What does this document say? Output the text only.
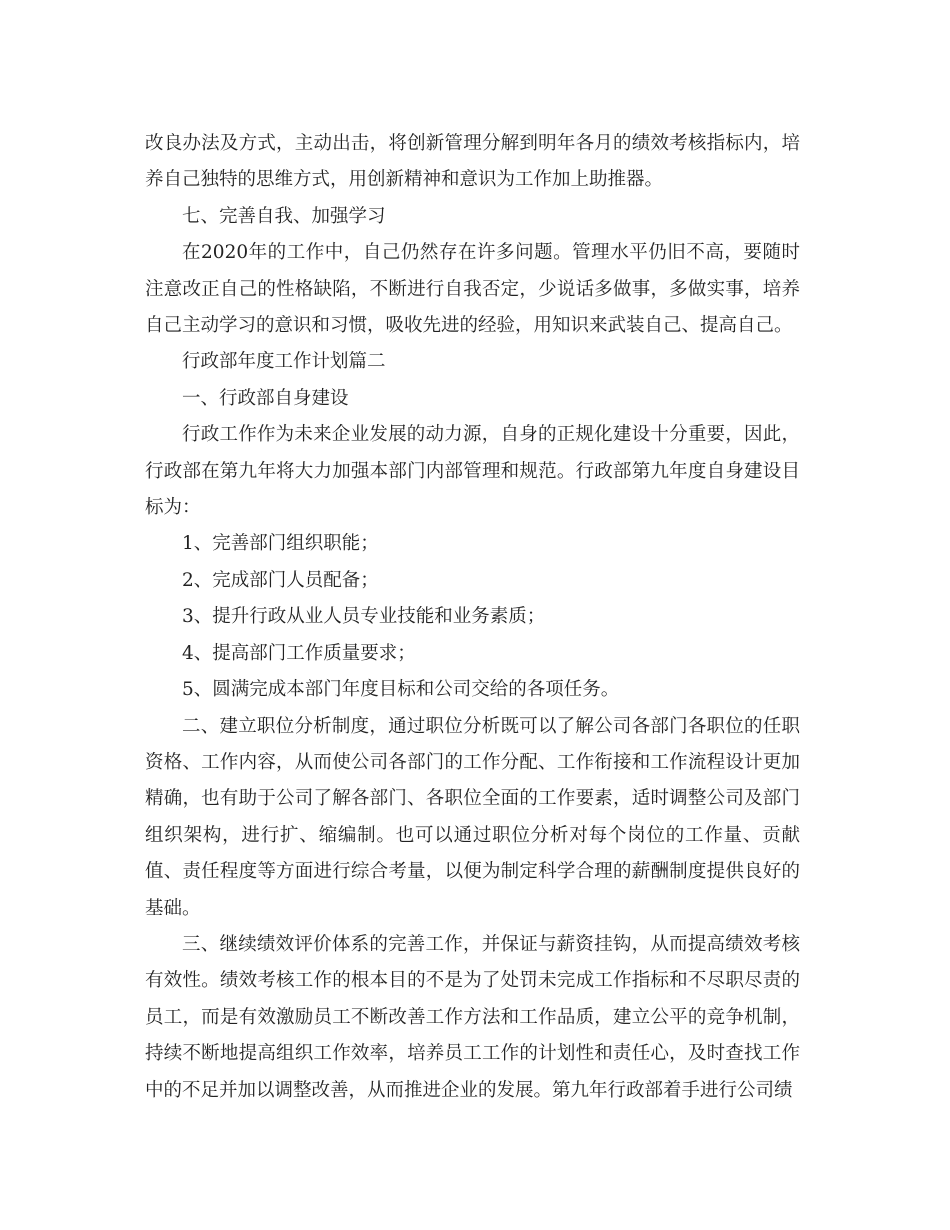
改良办法及方式，主动出击，将创新管理分解到明年各月的绩效考核指标内，培养自己独特的思维方式，用创新精神和意识为工作加上助推器。

七、完善自我、加强学习

在2020年的工作中，自己仍然存在许多问题。管理水平仍旧不高，要随时注意改正自己的性格缺陷，不断进行自我否定，少说话多做事，多做实事，培养自己主动学习的意识和习惯，吸收先进的经验，用知识来武装自己、提高自己。

行政部年度工作计划篇二

一、行政部自身建设

行政工作作为未来企业发展的动力源，自身的正规化建设十分重要，因此，行政部在第九年将大力加强本部门内部管理和规范。行政部第九年度自身建设目标为：

1、完善部门组织职能；

2、完成部门人员配备；

3、提升行政从业人员专业技能和业务素质；

4、提高部门工作质量要求；

5、圆满完成本部门年度目标和公司交给的各项任务。

二、建立职位分析制度，通过职位分析既可以了解公司各部门各职位的任职资格、工作内容，从而使公司各部门的工作分配、工作衔接和工作流程设计更加精确，也有助于公司了解各部门、各职位全面的工作要素，适时调整公司及部门组织架构，进行扩、缩编制。也可以通过职位分析对每个岗位的工作量、贡献值、责任程度等方面进行综合考量，以便为制定科学合理的薪酬制度提供良好的基础。

三、继续绩效评价体系的完善工作，并保证与薪资挂钩，从而提高绩效考核有效性。绩效考核工作的根本目的不是为了处罚未完成工作指标和不尽职尽责的员工，而是有效激励员工不断改善工作方法和工作品质，建立公平的竞争机制，持续不断地提高组织工作效率，培养员工工作的计划性和责任心，及时查找工作中的不足并加以调整改善，从而推进企业的发展。第九年行政部着手进行公司绩
